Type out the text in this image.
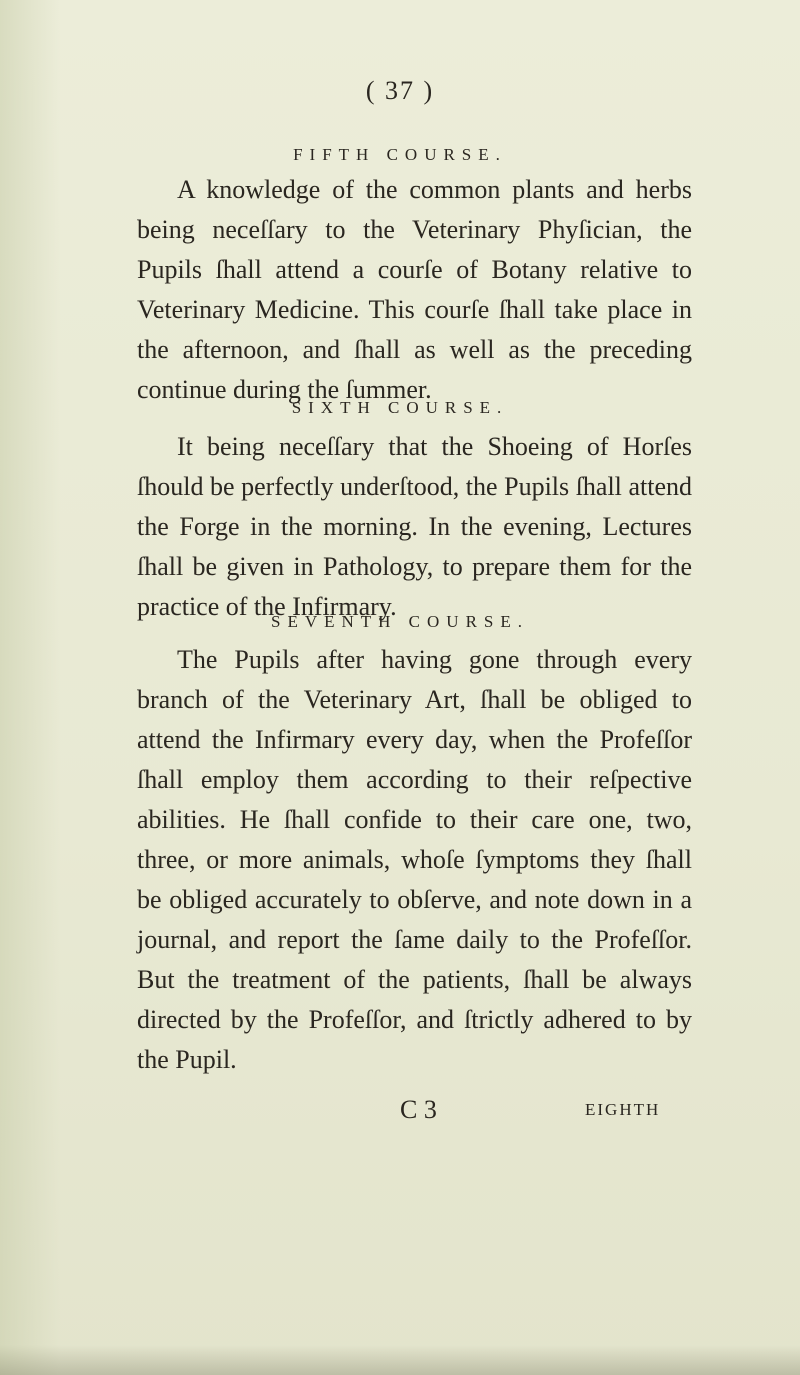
( 37 )
FIFTH COURSE.

A knowledge of the common plants and herbs being neceſſary to the Veterinary Phyſician, the Pupils ſhall attend a courſe of Botany relative to Veterinary Medicine. This courſe ſhall take place in the afternoon, and ſhall as well as the preceding continue during the ſummer.

SIXTH COURSE.

It being neceſſary that the Shoeing of Horſes ſhould be perfectly underſtood, the Pupils ſhall attend the Forge in the morning. In the evening, Lectures ſhall be given in Pathology, to prepare them for the practice of the Infirmary.

SEVENTH COURSE.

The Pupils after having gone through every branch of the Veterinary Art, ſhall be obliged to attend the Infirmary every day, when the Profeſſor ſhall employ them according to their reſpective abilities. He ſhall confide to their care one, two, three, or more animals, whoſe ſymptoms they ſhall be obliged accurately to obſerve, and note down in a journal, and report the ſame daily to the Profeſſor. But the treatment of the patients, ſhall be always directed by the Profeſſor, and ſtrictly adhered to by the Pupil.

C 3	EIGHTH
